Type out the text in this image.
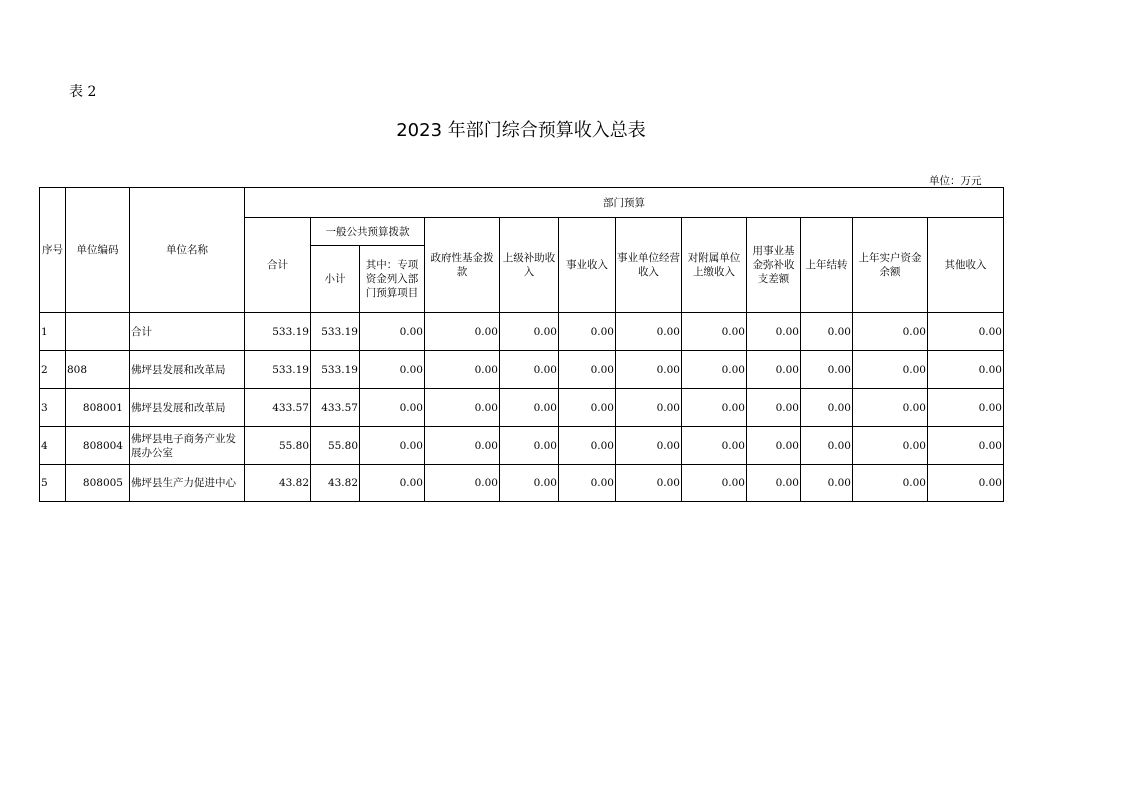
表 2
2023 年部门综合预算收入总表
单位：万元
序号	单位编码	单位名称	部门预算											
			合计	一般公共预算拨款		政府性基金拨款	上级补助收入	事业收入	事业单位经营收入	对附属单位上缴收入	用事业基金弥补收支差额	上年结转	上年实户资金余额	其他收入
				小计	其中：专项资金列入部门预算项目									
1		合计	533.19	533.19	0.00	0.00	0.00	0.00	0.00	0.00	0.00	0.00	0.00	0.00
2	808	佛坪县发展和改革局	533.19	533.19	0.00	0.00	0.00	0.00	0.00	0.00	0.00	0.00	0.00	0.00
3	808001	佛坪县发展和改革局	433.57	433.57	0.00	0.00	0.00	0.00	0.00	0.00	0.00	0.00	0.00	0.00
4	808004	佛坪县电子商务产业发展办公室	55.80	55.80	0.00	0.00	0.00	0.00	0.00	0.00	0.00	0.00	0.00	0.00
5	808005	佛坪县生产力促进中心	43.82	43.82	0.00	0.00	0.00	0.00	0.00	0.00	0.00	0.00	0.00	0.00
